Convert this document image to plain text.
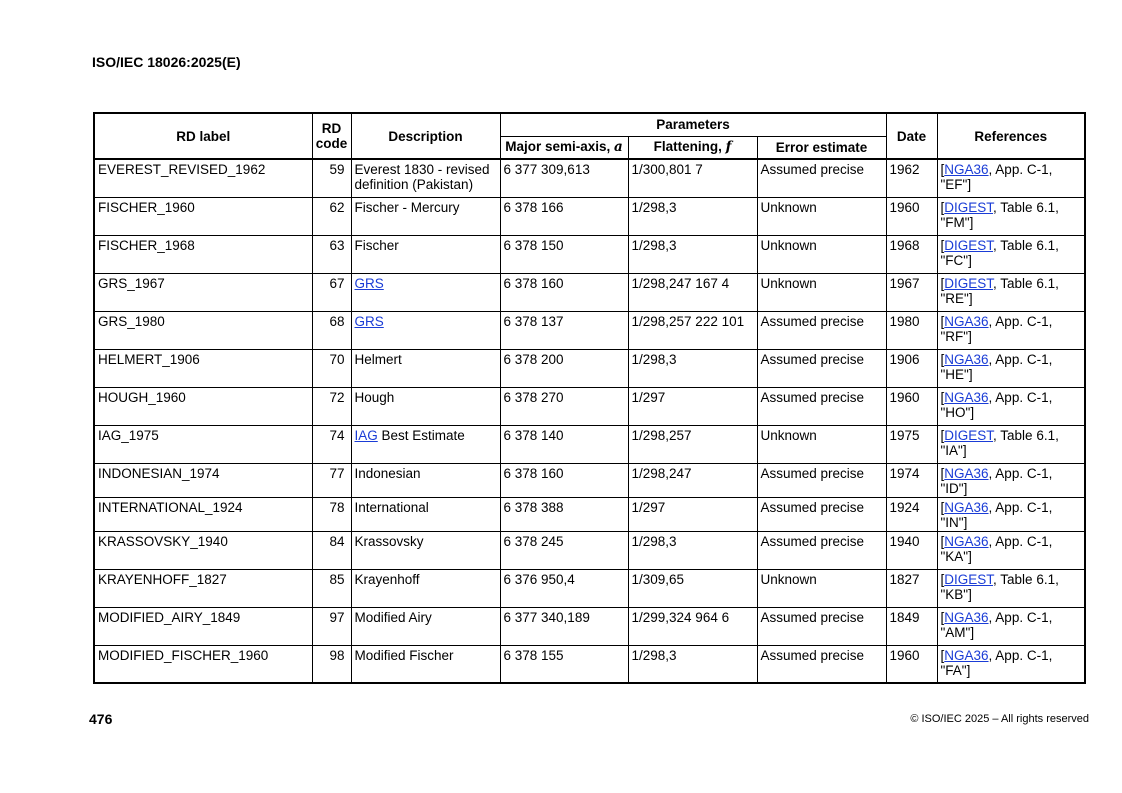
ISO/IEC 18026:2025(E)
RD label	RD code	Description	Parameters			Date	References
			Major semi-axis, a	Flattening, f	Error estimate		
EVEREST_REVISED_1962	59	Everest 1830 - revised definition (Pakistan)	6 377 309,613	1/300,801 7	Assumed precise	1962	[NGA36, App. C-1, "EF"]
FISCHER_1960	62	Fischer - Mercury	6 378 166	1/298,3	Unknown	1960	[DIGEST, Table 6.1, "FM"]
FISCHER_1968	63	Fischer	6 378 150	1/298,3	Unknown	1968	[DIGEST, Table 6.1, "FC"]
GRS_1967	67	GRS	6 378 160	1/298,247 167 4	Unknown	1967	[DIGEST, Table 6.1, "RE"]
GRS_1980	68	GRS	6 378 137	1/298,257 222 101	Assumed precise	1980	[NGA36, App. C-1, "RF"]
HELMERT_1906	70	Helmert	6 378 200	1/298,3	Assumed precise	1906	[NGA36, App. C-1, "HE"]
HOUGH_1960	72	Hough	6 378 270	1/297	Assumed precise	1960	[NGA36, App. C-1, "HO"]
IAG_1975	74	IAG Best Estimate	6 378 140	1/298,257	Unknown	1975	[DIGEST, Table 6.1, "IA"]
INDONESIAN_1974	77	Indonesian	6 378 160	1/298,247	Assumed precise	1974	[NGA36, App. C-1, "ID"]
INTERNATIONAL_1924	78	International	6 378 388	1/297	Assumed precise	1924	[NGA36, App. C-1, "IN"]
KRASSOVSKY_1940	84	Krassovsky	6 378 245	1/298,3	Assumed precise	1940	[NGA36, App. C-1, "KA"]
KRAYENHOFF_1827	85	Krayenhoff	6 376 950,4	1/309,65	Unknown	1827	[DIGEST, Table 6.1, "KB"]
MODIFIED_AIRY_1849	97	Modified Airy	6 377 340,189	1/299,324 964 6	Assumed precise	1849	[NGA36, App. C-1, "AM"]
MODIFIED_FISCHER_1960	98	Modified Fischer	6 378 155	1/298,3	Assumed precise	1960	[NGA36, App. C-1, "FA"]
476	© ISO/IEC 2025 – All rights reserved
